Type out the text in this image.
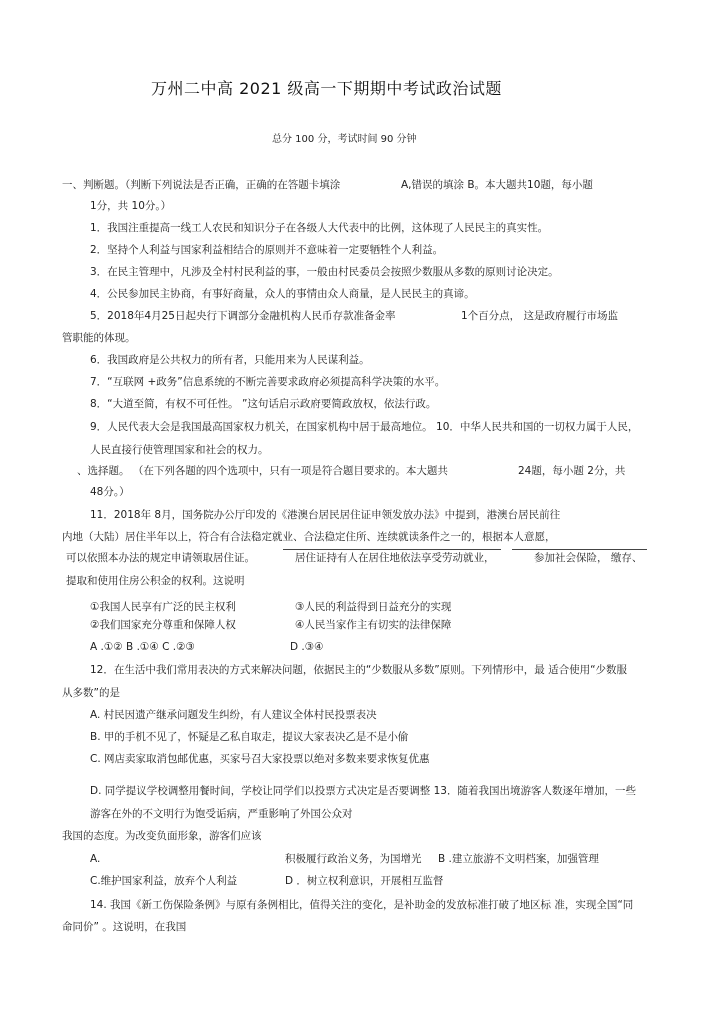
万州二中高 2021 级高一下期期中考试政治试题
总分 100 分，考试时间 90 分钟
一、判断题。（判断下列说法是否正确，正确的在答题卡填涂	A,错误的填涂 B。本大题共10题，每小题
1分，共 10分。）
1．我国注重提高一线工人农民和知识分子在各级人大代表中的比例，这体现了人民民主的真实性。
2．坚持个人利益与国家利益相结合的原则并不意味着一定要牺牲个人利益。
3．在民主管理中，凡涉及全村村民利益的事，一般由村民委员会按照少数服从多数的原则讨论决定。
4．公民参加民主协商，有事好商量，众人的事情由众人商量，是人民民主的真谛。
5．2018年4月25日起央行下调部分金融机构人民币存款准备金率	1个百分点， 这是政府履行市场监
管职能的体现。
6．我国政府是公共权力的所有者，只能用来为人民谋利益。
7．“互联网 +政务”信息系统的不断完善要求政府必须提高科学决策的水平。
8．“大道至简，有权不可任性。 ”这句话启示政府要简政放权，依法行政。
9．人民代表大会是我国最高国家权力机关，在国家机构中居于最高地位。 10．中华人民共和国的一切权力属于人民，
人民直接行使管理国家和社会的权力。
、选择题。 （在下列各题的四个选项中，只有一项是符合题目要求的。本大题共	24题，每小题 2分，共
48分。）
11．2018年 8月，国务院办公厅印发的《港澳台居民居住证申领发放办法》中提到，港澳台居民前往
内地（大陆）居住半年以上，符合有合法稳定就业、合法稳定住所、连续就读条件之一的，根据本人意愿，
可以依照本办法的规定申请领取居住证。	居住证持有人在居住地依法享受劳动就业，	参加社会保险， 缴存、
提取和使用住房公积金的权利。这说明
①我国人民享有广泛的民主权利	③人民的利益得到日益充分的实现
②我们国家充分尊重和保障人权	④人民当家作主有切实的法律保障
A .①② B .①④ C .②③	D .③④
12．在生活中我们常用表决的方式来解决问题，依据民主的“少数服从多数”原则。下列情形中，最 适合使用“少数服
从多数”的是
A. 村民因遗产继承问题发生纠纷，有人建议全体村民投票表决
B. 甲的手机不见了，怀疑是乙私自取走，提议大家表决乙是不是小偷
C. 网店卖家取消包邮优惠，买家号召大家投票以绝对多数来要求恢复优惠
D. 同学提议学校调整用餐时间，学校让同学们以投票方式决定是否要调整 13．随着我国出境游客人数逐年增加，一些
游客在外的不文明行为饱受诟病，严重影响了外国公众对
我国的态度。为改变负面形象，游客们应该
A.	积极履行政治义务，为国增光 B .建立旅游不文明档案，加强管理
C.维护国家利益，放弃个人利益	D ．树立权利意识，开展相互监督
14. 我国《新工伤保险条例》与原有条例相比，值得关注的变化，是补助金的发放标准打破了地区标 准，实现全国“同
命同价” 。这说明，在我国
